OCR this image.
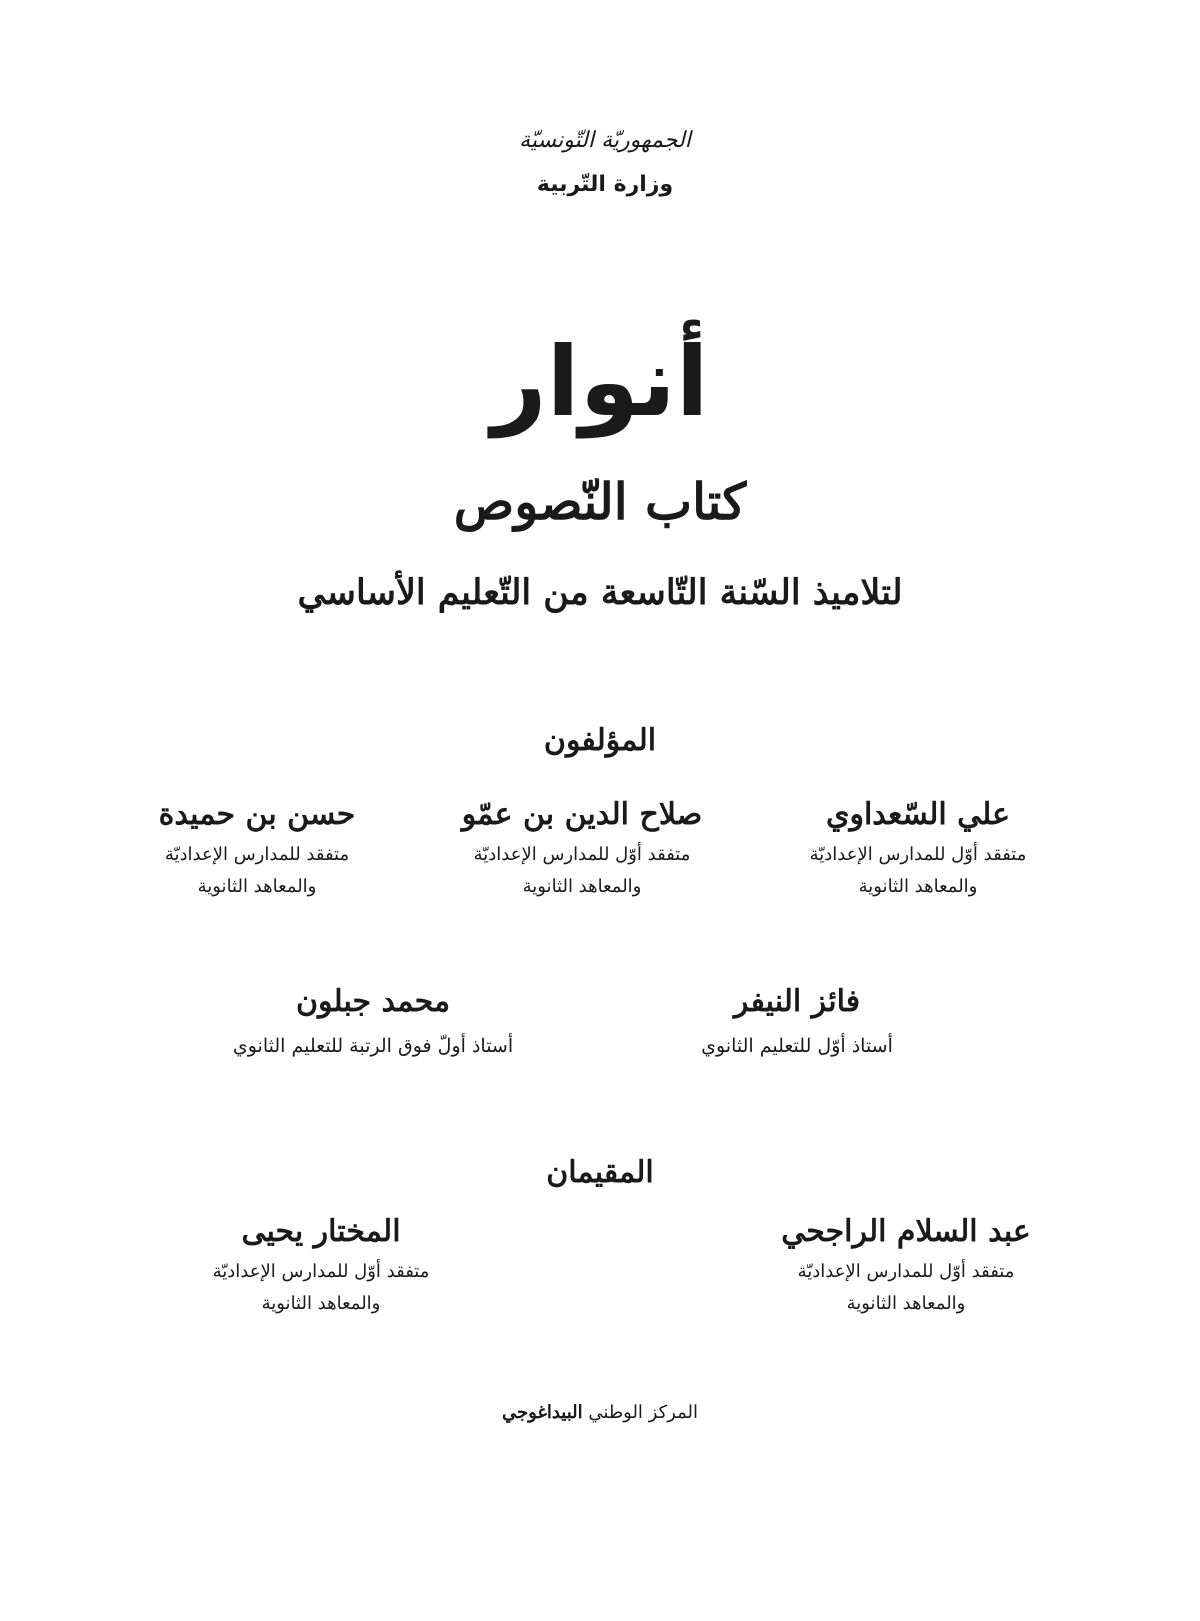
الجمهوريّة التّونسيّة
وزارة التّربية
أنوار
كتاب النّصوص
لتلاميذ السّنة التّاسعة من التّعليم الأساسي
المؤلفون
علي السّعداوي
متفقد أوّل للمدارس الإعداديّة
والمعاهد الثانوية
صلاح الدين بن عمّو
متفقد أوّل للمدارس الإعداديّة
والمعاهد الثانوية
حسن بن حميدة
متفقد للمدارس الإعداديّة
والمعاهد الثانوية
فائز النيفر
أستاذ أوّل للتعليم الثانوي
محمد جبلون
أستاذ أولّ فوق الرتبة للتعليم الثانوي
المقيمان
عبد السلام الراجحي
متفقد أوّل للمدارس الإعداديّة
والمعاهد الثانوية
المختار يحيى
متفقد أوّل للمدارس الإعداديّة
والمعاهد الثانوية
المركز الوطني البيداغوجي
